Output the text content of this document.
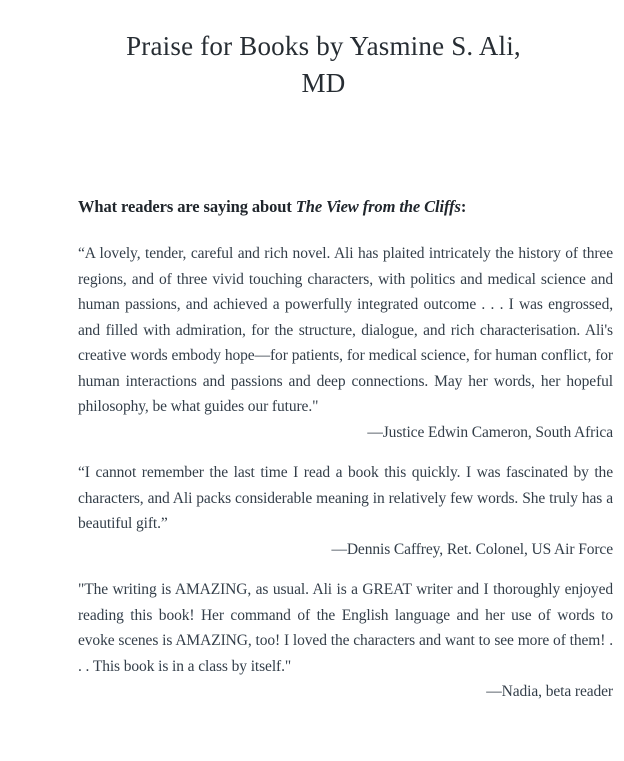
Praise for Books by Yasmine S. Ali,
MD
What readers are saying about The View from the Cliffs:

“A lovely, tender, careful and rich novel. Ali has plaited intricately the history of three regions, and of three vivid touching characters, with politics and medical science and human passions, and achieved a powerfully integrated outcome . . . I was engrossed, and filled with admiration, for the structure, dialogue, and rich characterisation. Ali's creative words embody hope—for patients, for medical science, for human conflict, for human interactions and passions and deep connections. May her words, her hopeful philosophy, be what guides our future."

—Justice Edwin Cameron, South Africa

“I cannot remember the last time I read a book this quickly. I was fascinated by the characters, and Ali packs considerable meaning in relatively few words. She truly has a beautiful gift.”

—Dennis Caffrey, Ret. Colonel, US Air Force

"The writing is AMAZING, as usual. Ali is a GREAT writer and I thoroughly enjoyed reading this book! Her command of the English language and her use of words to evoke scenes is AMAZING, too! I loved the characters and want to see more of them! . . . This book is in a class by itself."

—Nadia, beta reader
